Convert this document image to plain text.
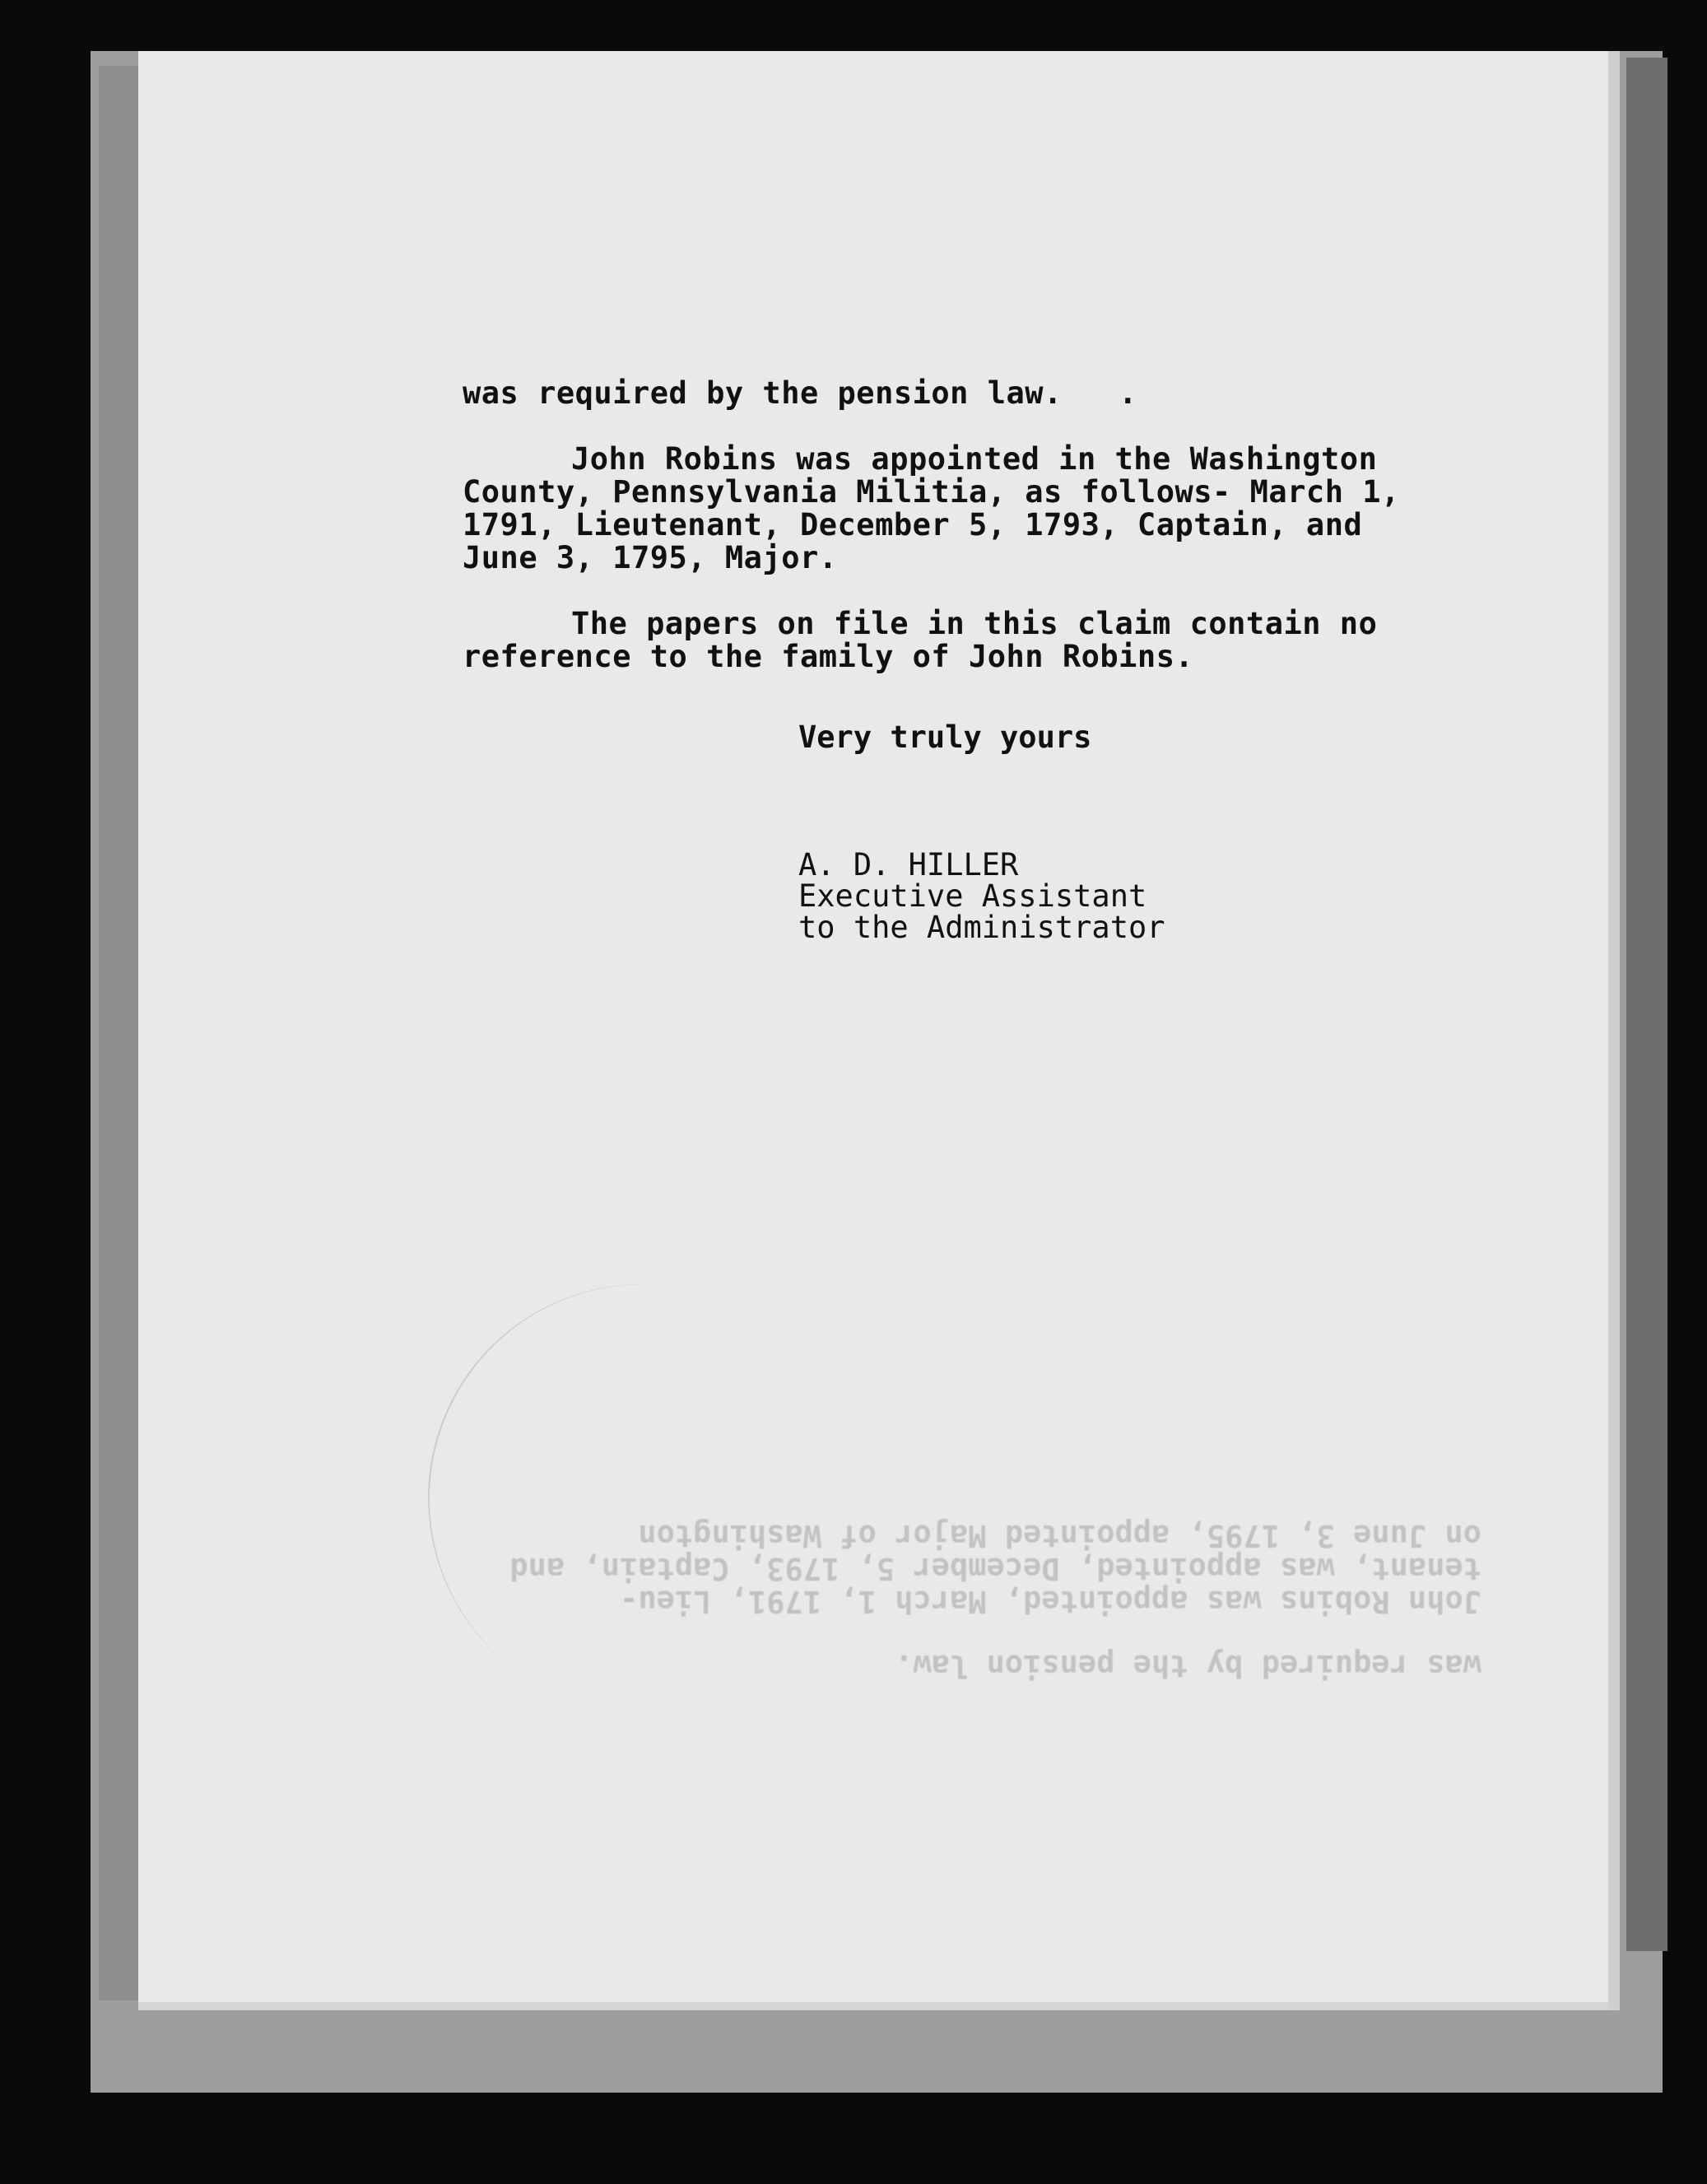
was required by the pension law.   .
John Robins was appointed in the Washington
County, Pennsylvania Militia, as follows- March 1,
1791, Lieutenant, December 5, 1793, Captain, and
June 3, 1795, Major.
The papers on file in this claim contain no
reference to the family of John Robins.
Very truly yours
A. D. HILLER
Executive Assistant
to the Administrator
was required by the pension law.
John Robins was appointed, March 1, 1791, Lieu-
tenant, was appointed, December 5, 1793, Captain, and
on June 3, 1795, appointed Major of Washington
